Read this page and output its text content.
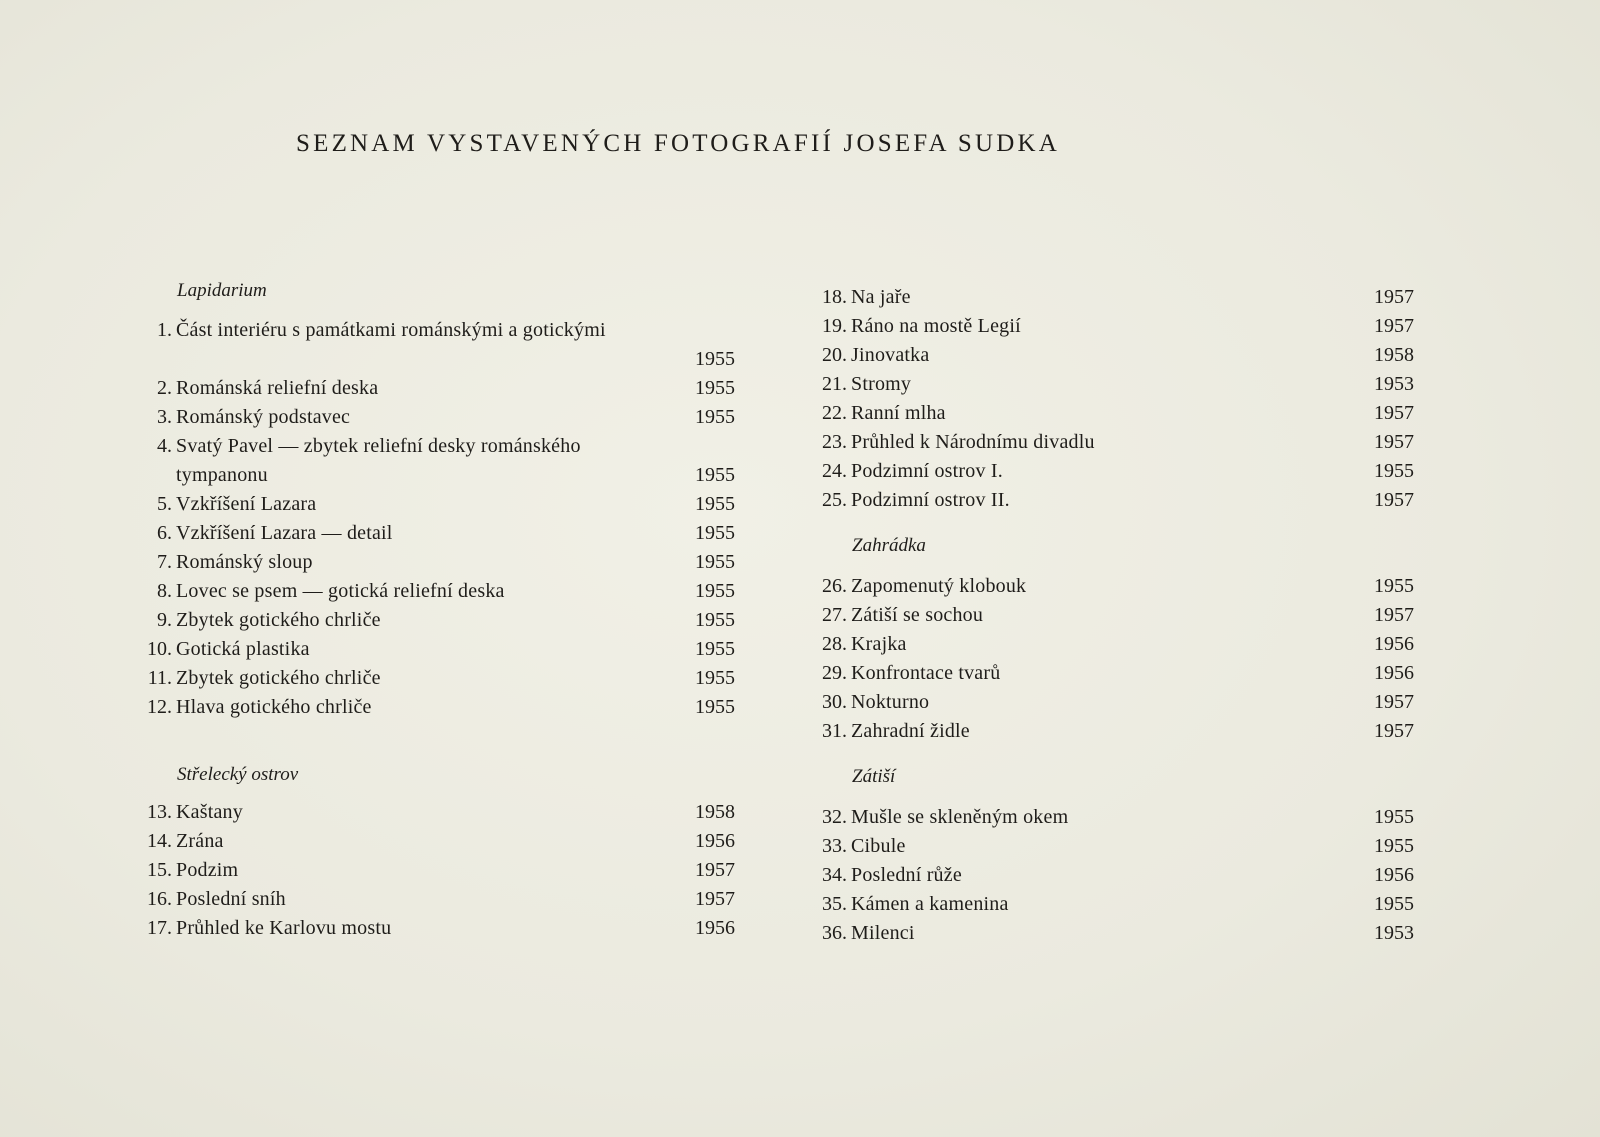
SEZNAM VYSTAVENÝCH FOTOGRAFIÍ JOSEFA SUDKA
Lapidarium
1. Část interiéru s památkami románskými a gotickými
1955
2. Románská reliefní deska	1955
3. Románský podstavec	1955
4. Svatý Pavel — zbytek reliefní desky románského tympanonu	1955
5. Vzkříšení Lazara	1955
6. Vzkříšení Lazara — detail	1955
7. Románský sloup	1955
8. Lovec se psem — gotická reliefní deska	1955
9. Zbytek gotického chrliče	1955
10. Gotická plastika	1955
11. Zbytek gotického chrliče	1955
12. Hlava gotického chrliče	1955
Střelecký ostrov
13. Kaštany	1958
14. Zrána	1956
15. Podzim	1957
16. Poslední sníh	1957
17. Průhled ke Karlovu mostu	1956
18. Na jaře	1957
19. Ráno na mostě Legií	1957
20. Jinovatka	1958
21. Stromy	1953
22. Ranní mlha	1957
23. Průhled k Národnímu divadlu	1957
24. Podzimní ostrov I.	1955
25. Podzimní ostrov II.	1957
Zahrádka
26. Zapomenutý klobouk	1955
27. Zátiší se sochou	1957
28. Krajka	1956
29. Konfrontace tvarů	1956
30. Nokturno	1957
31. Zahradní židle	1957
Zátiší
32. Mušle se skleněným okem	1955
33. Cibule	1955
34. Poslední růže	1956
35. Kámen a kamenina	1955
36. Milenci	1953
